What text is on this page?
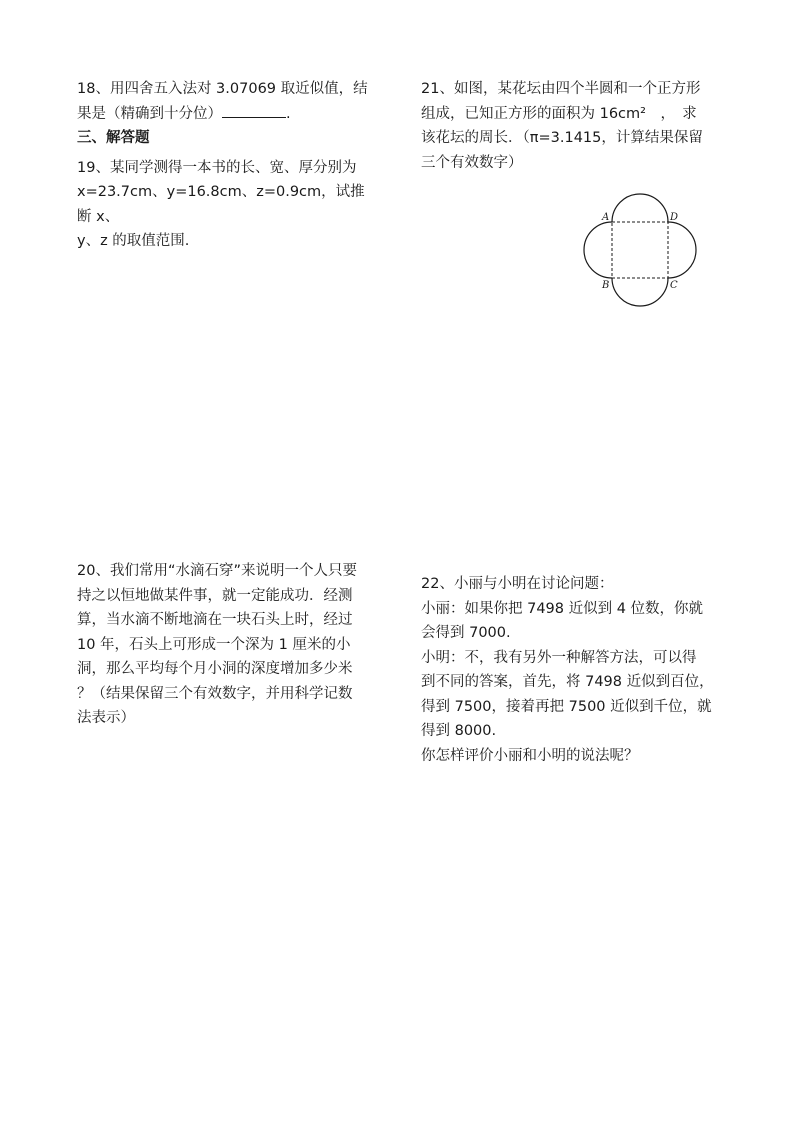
18、用四舍五入法对 3.07069 取近似值，结

果是（精确到十分位）	.

三、解答题

19、某同学测得一本书的长、宽、厚分别为

x=23.7cm、y=16.8cm、z=0.9cm，试推断 x、

y、z 的取值范围.

21、如图，某花坛由四个半圆和一个正方形

组成，已知正方形的面积为 16cm²　，　求

该花坛的周长．（π=3.1415，计算结果保留

三个有效数字）

A	D
B	C

20、我们常用“水滴石穿”来说明一个人只要

持之以恒地做某件事，就一定能成功．经测

算，当水滴不断地滴在一块石头上时，经过

10 年，石头上可形成一个深为 1 厘米的小

洞，那么平均每个月小洞的深度增加多少米

？（结果保留三个有效数字，并用科学记数

法表示）

22、小丽与小明在讨论问题：

小丽：如果你把 7498 近似到 4 位数，你就

会得到 7000.

小明：不，我有另外一种解答方法，可以得

到不同的答案，首先，将 7498 近似到百位，

得到 7500，接着再把 7500 近似到千位，就

得到 8000.

你怎样评价小丽和小明的说法呢？
